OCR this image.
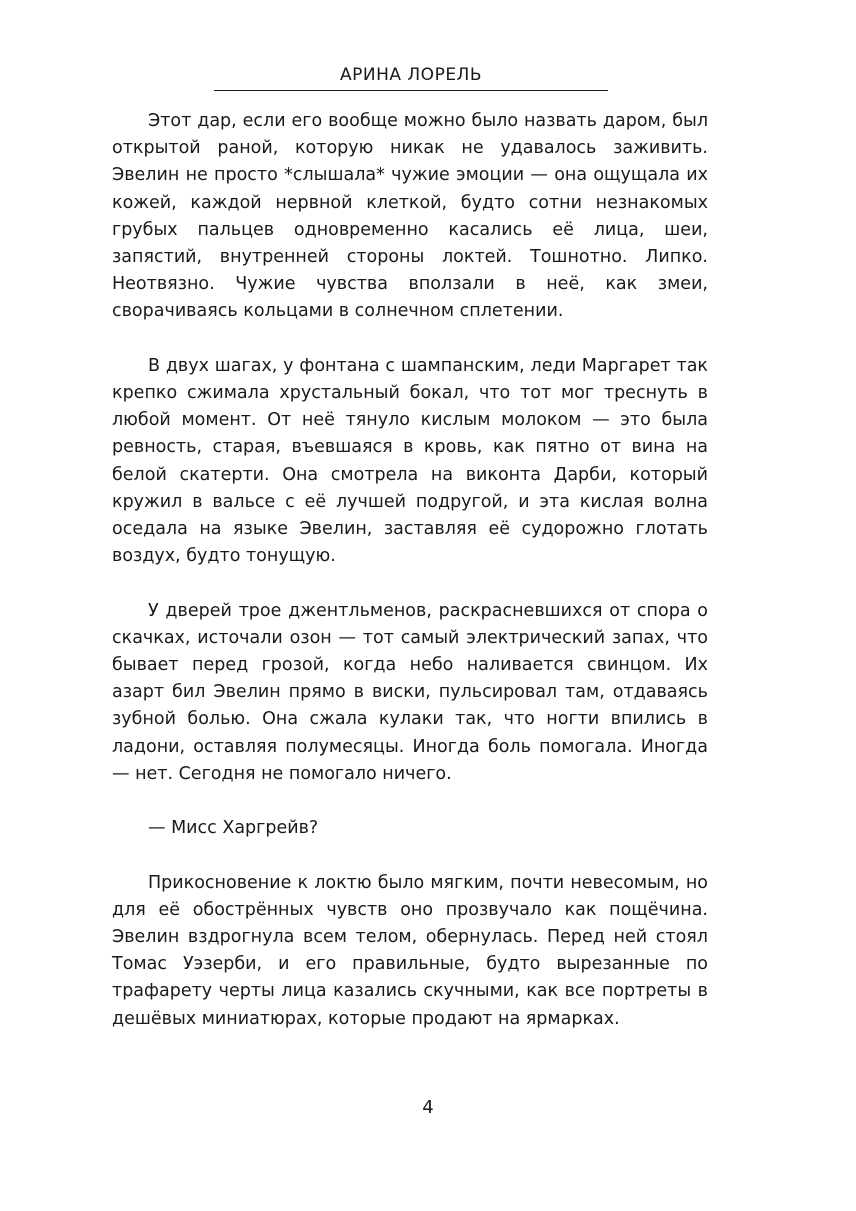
АРИНА ЛОРЕЛЬ

Этот дар, если его вообще можно было назвать даром, был открытой раной, которую никак не удавалось заживить. Эвелин не просто *слышала* чужие эмоции — она ощущала их кожей, каждой нервной клеткой, будто сотни незнакомых грубых пальцев одновременно касались её лица, шеи, запястий, внутренней стороны локтей. Тошнотно. Липко. Неотвязно. Чужие чувства вползали в неё, как змеи, сворачиваясь кольцами в солнечном сплетении.

В двух шагах, у фонтана с шампанским, леди Маргарет так крепко сжимала хрустальный бокал, что тот мог треснуть в любой момент. От неё тянуло кислым молоком — это была ревность, старая, въевшаяся в кровь, как пятно от вина на белой скатерти. Она смотрела на виконта Дарби, который кружил в вальсе с её лучшей подругой, и эта кислая волна оседала на языке Эвелин, заставляя её судорожно глотать воздух, будто тонущую.

У дверей трое джентльменов, раскрасневшихся от спора о скачках, источали озон — тот самый электрический запах, что бывает перед грозой, когда небо наливается свинцом. Их азарт бил Эвелин прямо в виски, пульсировал там, отдаваясь зубной болью. Она сжала кулаки так, что ногти впились в ладони, оставляя полумесяцы. Иногда боль помогала. Иногда — нет. Сегодня не помогало ничего.

— Мисс Харгрейв?

Прикосновение к локтю было мягким, почти невесомым, но для её обострённых чувств оно прозвучало как пощёчина. Эвелин вздрогнула всем телом, обернулась. Перед ней стоял Томас Уэзерби, и его правильные, будто вырезанные по трафарету черты лица казались скучными, как все портреты в дешёвых миниатюрах, которые продают на ярмарках.

4
